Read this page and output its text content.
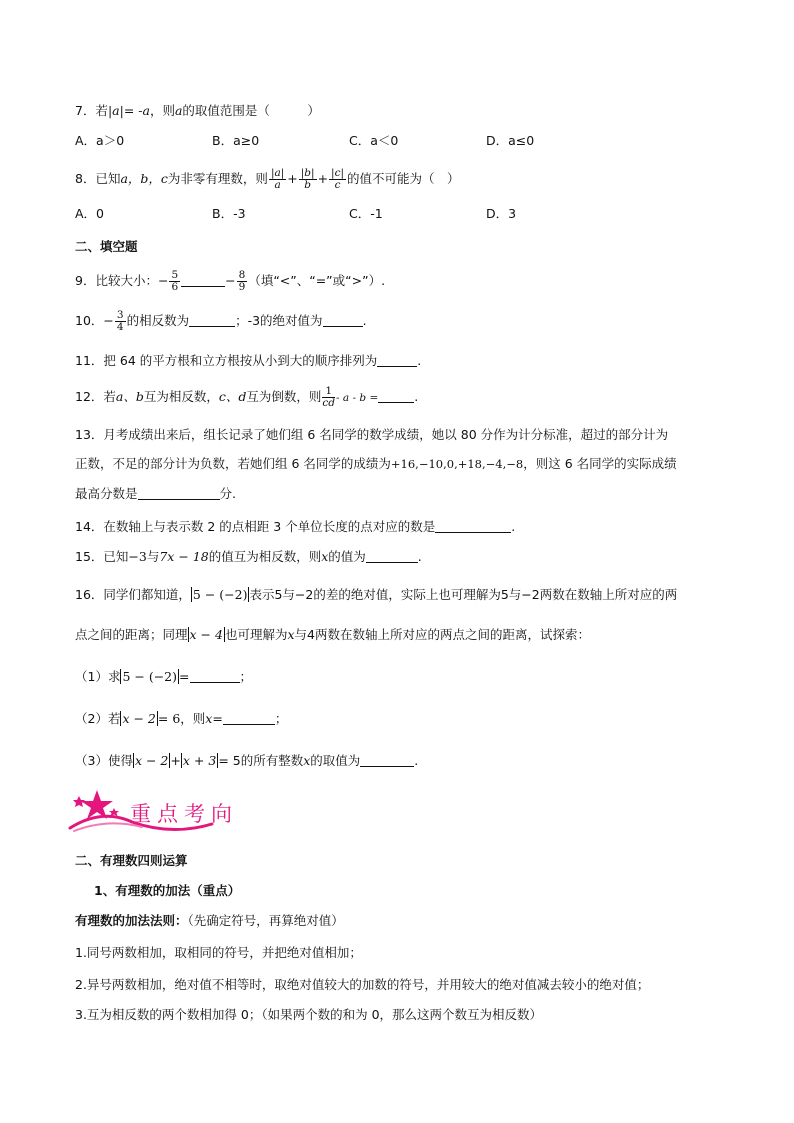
7．若|a|= -a，则a的取值范围是（　　　）
A．a＞0	B．a≥0	C．a＜0	D．a≤0
8．已知a，b，c为非零有理数，则 $\frac{|a|}{a} + \frac{|b|}{b} + \frac{|c|}{c}$ 的值不可能为（　）
A．0	B．-3	C．-1	D．3
二、填空题
9．比较大小：− $\frac{5}{6}$	− $\frac{8}{9}$ （填“<”、“=”或“>”）.
10．− $\frac{3}{4}$ 的相反数为	；-3的绝对值为	.
11．把 64 的平方根和立方根按从小到大的顺序排列为	.
12．若a、b互为相反数，c、d互为倒数，则 $\frac{1}{cd}$ - a - b =	.
13．月考成绩出来后，组长记录了她们组 6 名同学的数学成绩，她以 80 分作为计分标准，超过的部分计为
正数，不足的部分计为负数，若她们组 6 名同学的成绩为+16,−10,0,+18,−4,−8，则这 6 名同学的实际成绩
最高分数是	分.
14．在数轴上与表示数 2 的点相距 3 个单位长度的点对应的数是	.
15．已知−3与7x − 18的值互为相反数，则x的值为	.
16．同学们都知道， 5 − (−2) 表示5与−2的差的绝对值，实际上也可理解为5与−2两数在数轴上所对应的两
点之间的距离；同理 x − 4 也可理解为x与4两数在数轴上所对应的两点之间的距离，试探索：
（1）求 5 − (−2) =	；
（2）若 x − 2 = 6，则x=	；
（3）使得 x − 2 + x + 3 = 5的所有整数x的取值为	.
重点考向
二、有理数四则运算
1、有理数的加法（重点）
有理数的加法法则：（先确定符号，再算绝对值）
1.同号两数相加，取相同的符号，并把绝对值相加；
2.异号两数相加，绝对值不相等时，取绝对值较大的加数的符号，并用较大的绝对值减去较小的绝对值；
3.互为相反数的两个数相加得 0；（如果两个数的和为 0，那么这两个数互为相反数）
